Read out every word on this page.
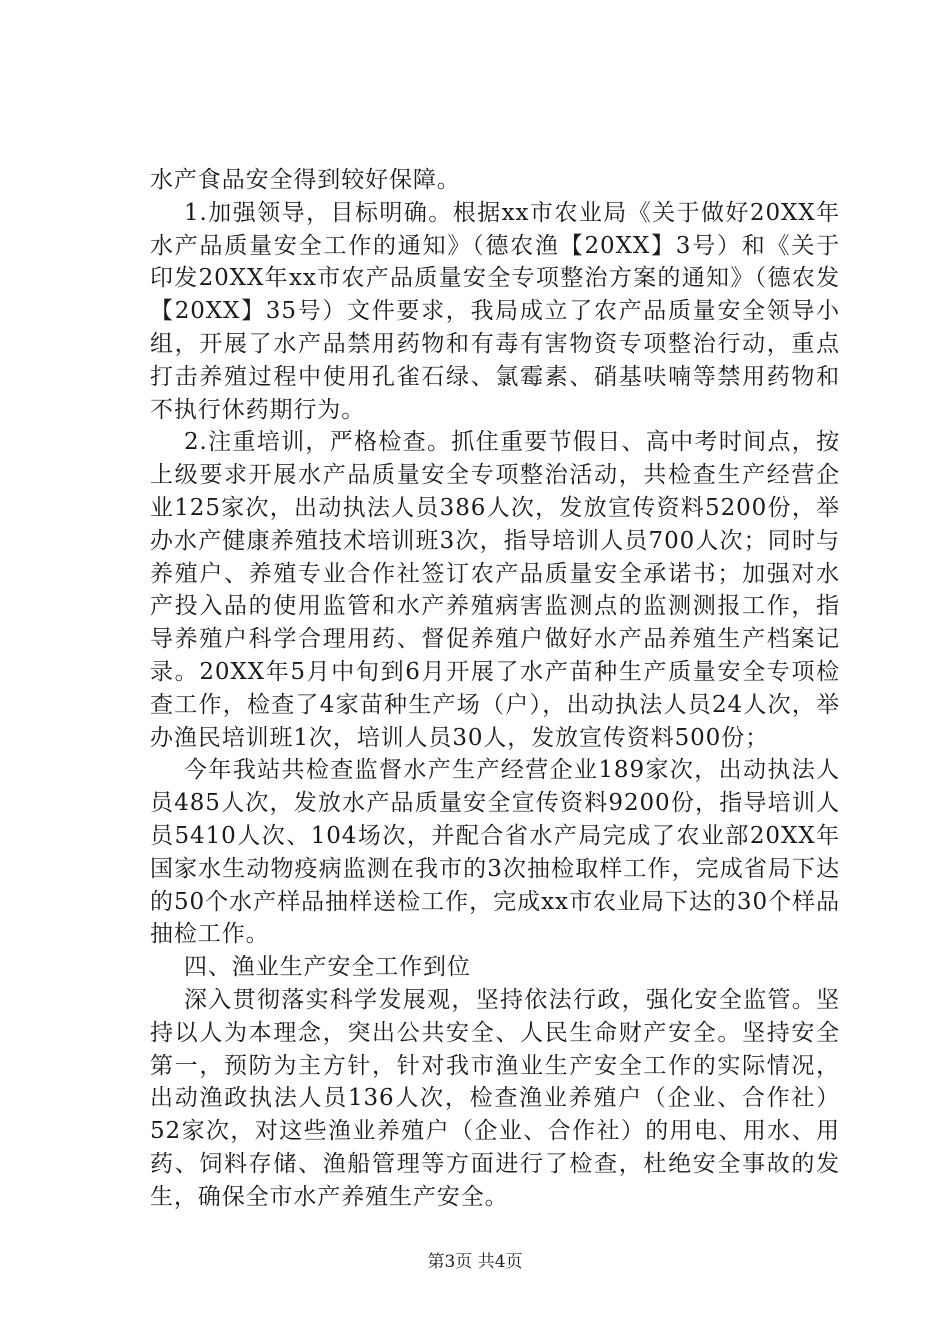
水产食品安全得到较好保障。

1.加强领导，目标明确。根据xx市农业局《关于做好20XX年水产品质量安全工作的通知》（德农渔【20XX】3号）和《关于印发20XX年xx市农产品质量安全专项整治方案的通知》（德农发【20XX】35号）文件要求，我局成立了农产品质量安全领导小组，开展了水产品禁用药物和有毒有害物资专项整治行动，重点打击养殖过程中使用孔雀石绿、氯霉素、硝基呋喃等禁用药物和不执行休药期行为。

2.注重培训，严格检查。抓住重要节假日、高中考时间点，按上级要求开展水产品质量安全专项整治活动，共检查生产经营企业125家次，出动执法人员386人次，发放宣传资料5200份，举办水产健康养殖技术培训班3次，指导培训人员700人次；同时与养殖户、养殖专业合作社签订农产品质量安全承诺书；加强对水产投入品的使用监管和水产养殖病害监测点的监测测报工作，指导养殖户科学合理用药、督促养殖户做好水产品养殖生产档案记录。20XX年5月中旬到6月开展了水产苗种生产质量安全专项检查工作，检查了4家苗种生产场（户），出动执法人员24人次，举办渔民培训班1次，培训人员30人，发放宣传资料500份；

今年我站共检查监督水产生产经营企业189家次，出动执法人员485人次，发放水产品质量安全宣传资料9200份，指导培训人员5410人次、104场次，并配合省水产局完成了农业部20XX年国家水生动物疫病监测在我市的3次抽检取样工作，完成省局下达的50个水产样品抽样送检工作，完成xx市农业局下达的30个样品抽检工作。

四、渔业生产安全工作到位

深入贯彻落实科学发展观，坚持依法行政，强化安全监管。坚持以人为本理念，突出公共安全、人民生命财产安全。坚持安全第一，预防为主方针，针对我市渔业生产安全工作的实际情况，出动渔政执法人员136人次，检查渔业养殖户（企业、合作社）52家次，对这些渔业养殖户（企业、合作社）的用电、用水、用药、饲料存储、渔船管理等方面进行了检查，杜绝安全事故的发生，确保全市水产养殖生产安全。

第3页 共4页
